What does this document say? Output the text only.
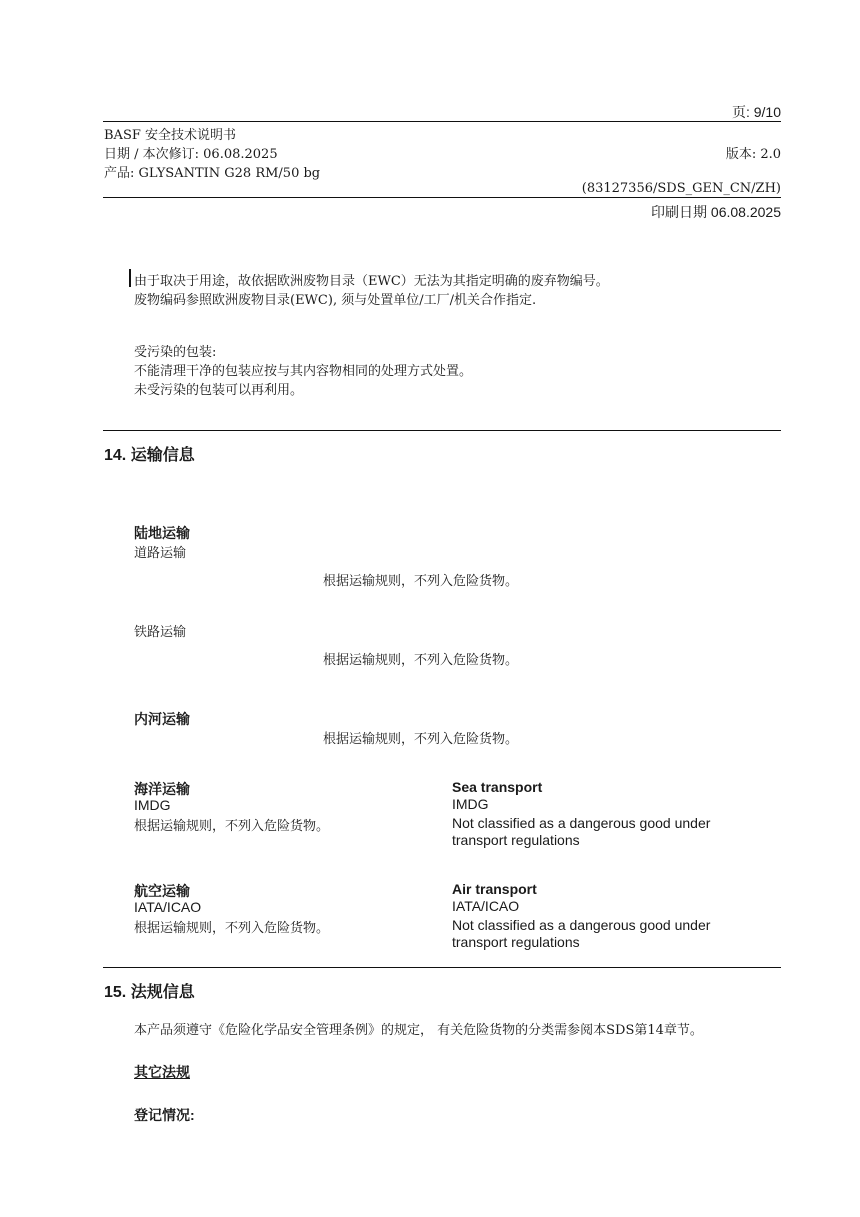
页: 9/10
BASF 安全技术说明书
日期 / 本次修订: 06.08.2025	版本: 2.0
产品: GLYSANTIN G28 RM/50 bg
(83127356/SDS_GEN_CN/ZH)
印刷日期 06.08.2025
由于取决于用途，故依据欧洲废物目录（EWC）无法为其指定明确的废弃物编号。
废物编码参照欧洲废物目录(EWC), 须与处置单位/工厂/机关合作指定.
受污染的包装:
不能清理干净的包装应按与其内容物相同的处理方式处置。
未受污染的包装可以再利用。
14. 运输信息
陆地运输
道路运输
根据运输规则，不列入危险货物。
铁路运输
根据运输规则，不列入危险货物。
内河运输
根据运输规则，不列入危险货物。
海洋运输
IMDG
根据运输规则，不列入危险货物。
Sea transport
IMDG
Not classified as a dangerous good under
transport regulations
航空运输
IATA/ICAO
根据运输规则，不列入危险货物。
Air transport
IATA/ICAO
Not classified as a dangerous good under
transport regulations
15. 法规信息
本产品须遵守《危险化学品安全管理条例》的规定， 有关危险货物的分类需参阅本SDS第14章节。
其它法规
登记情况:
